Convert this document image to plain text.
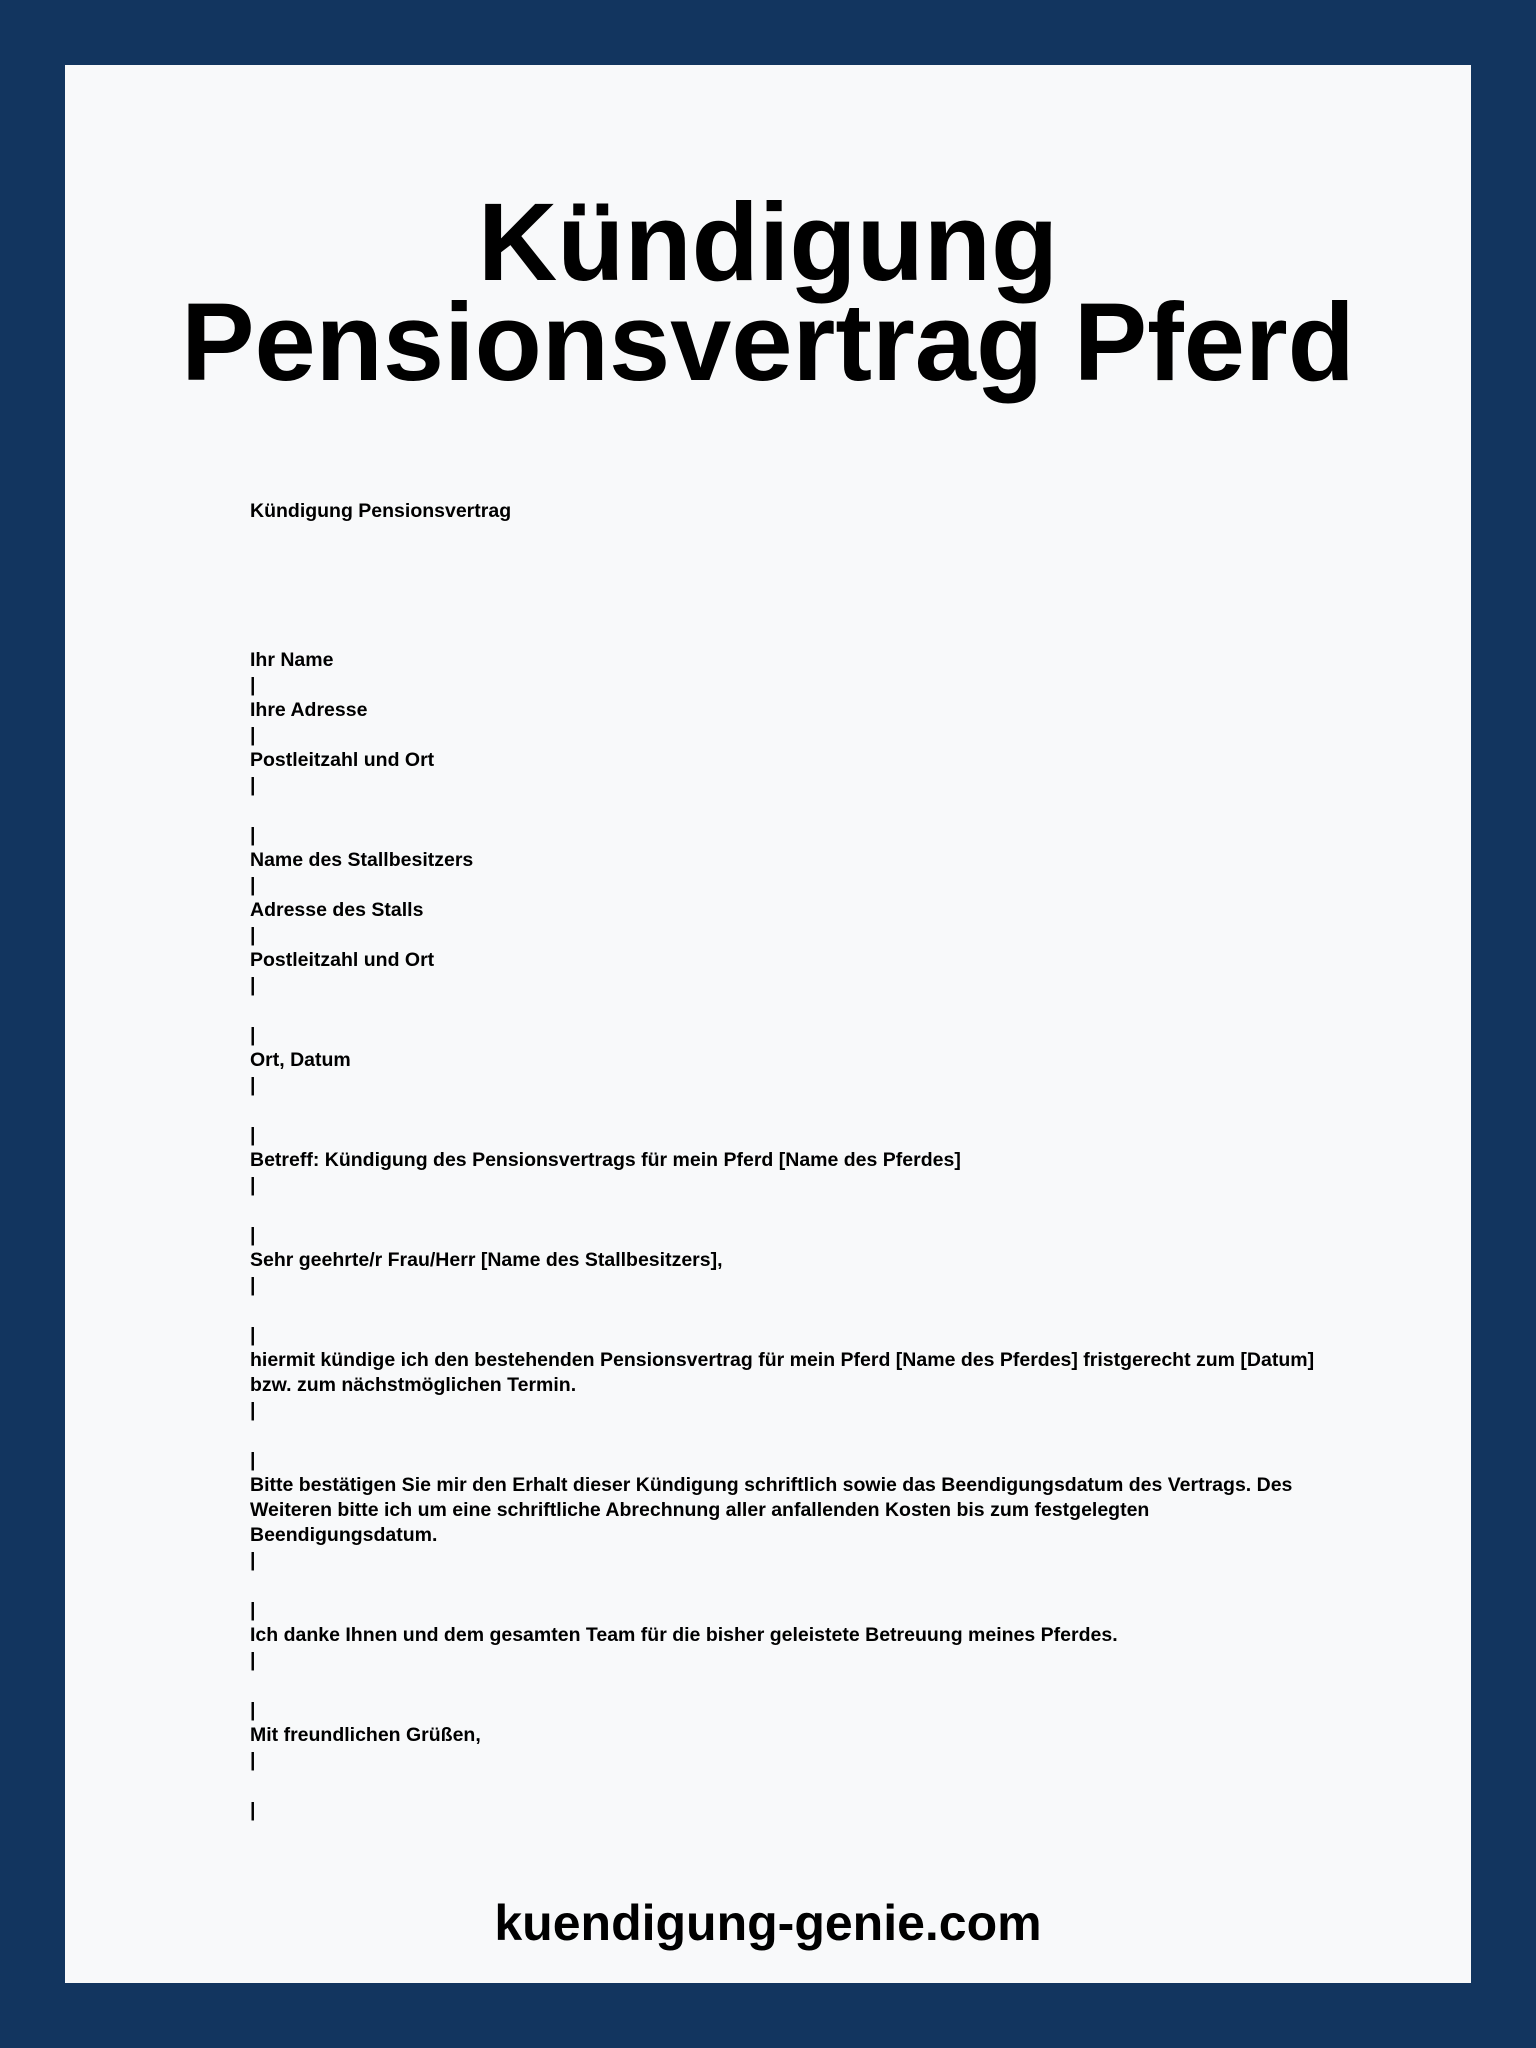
Kündigung Pensionsvertrag Pferd

Kündigung Pensionsvertrag

Ihr Name
|
Ihre Adresse
|
Postleitzahl und Ort
|
|
Name des Stallbesitzers
|
Adresse des Stalls
|
Postleitzahl und Ort
|
|
Ort, Datum
|
|
Betreff: Kündigung des Pensionsvertrags für mein Pferd [Name des Pferdes]
|
|
Sehr geehrte/r Frau/Herr [Name des Stallbesitzers],
|
|
hiermit kündige ich den bestehenden Pensionsvertrag für mein Pferd [Name des Pferdes] fristgerecht zum [Datum] bzw. zum nächstmöglichen Termin.
|
|
Bitte bestätigen Sie mir den Erhalt dieser Kündigung schriftlich sowie das Beendigungsdatum des Vertrags. Des Weiteren bitte ich um eine schriftliche Abrechnung aller anfallenden Kosten bis zum festgelegten Beendigungsdatum.
|
|
Ich danke Ihnen und dem gesamten Team für die bisher geleistete Betreuung meines Pferdes.
|
|
Mit freundlichen Grüßen,
|
|
kuendigung-genie.com
